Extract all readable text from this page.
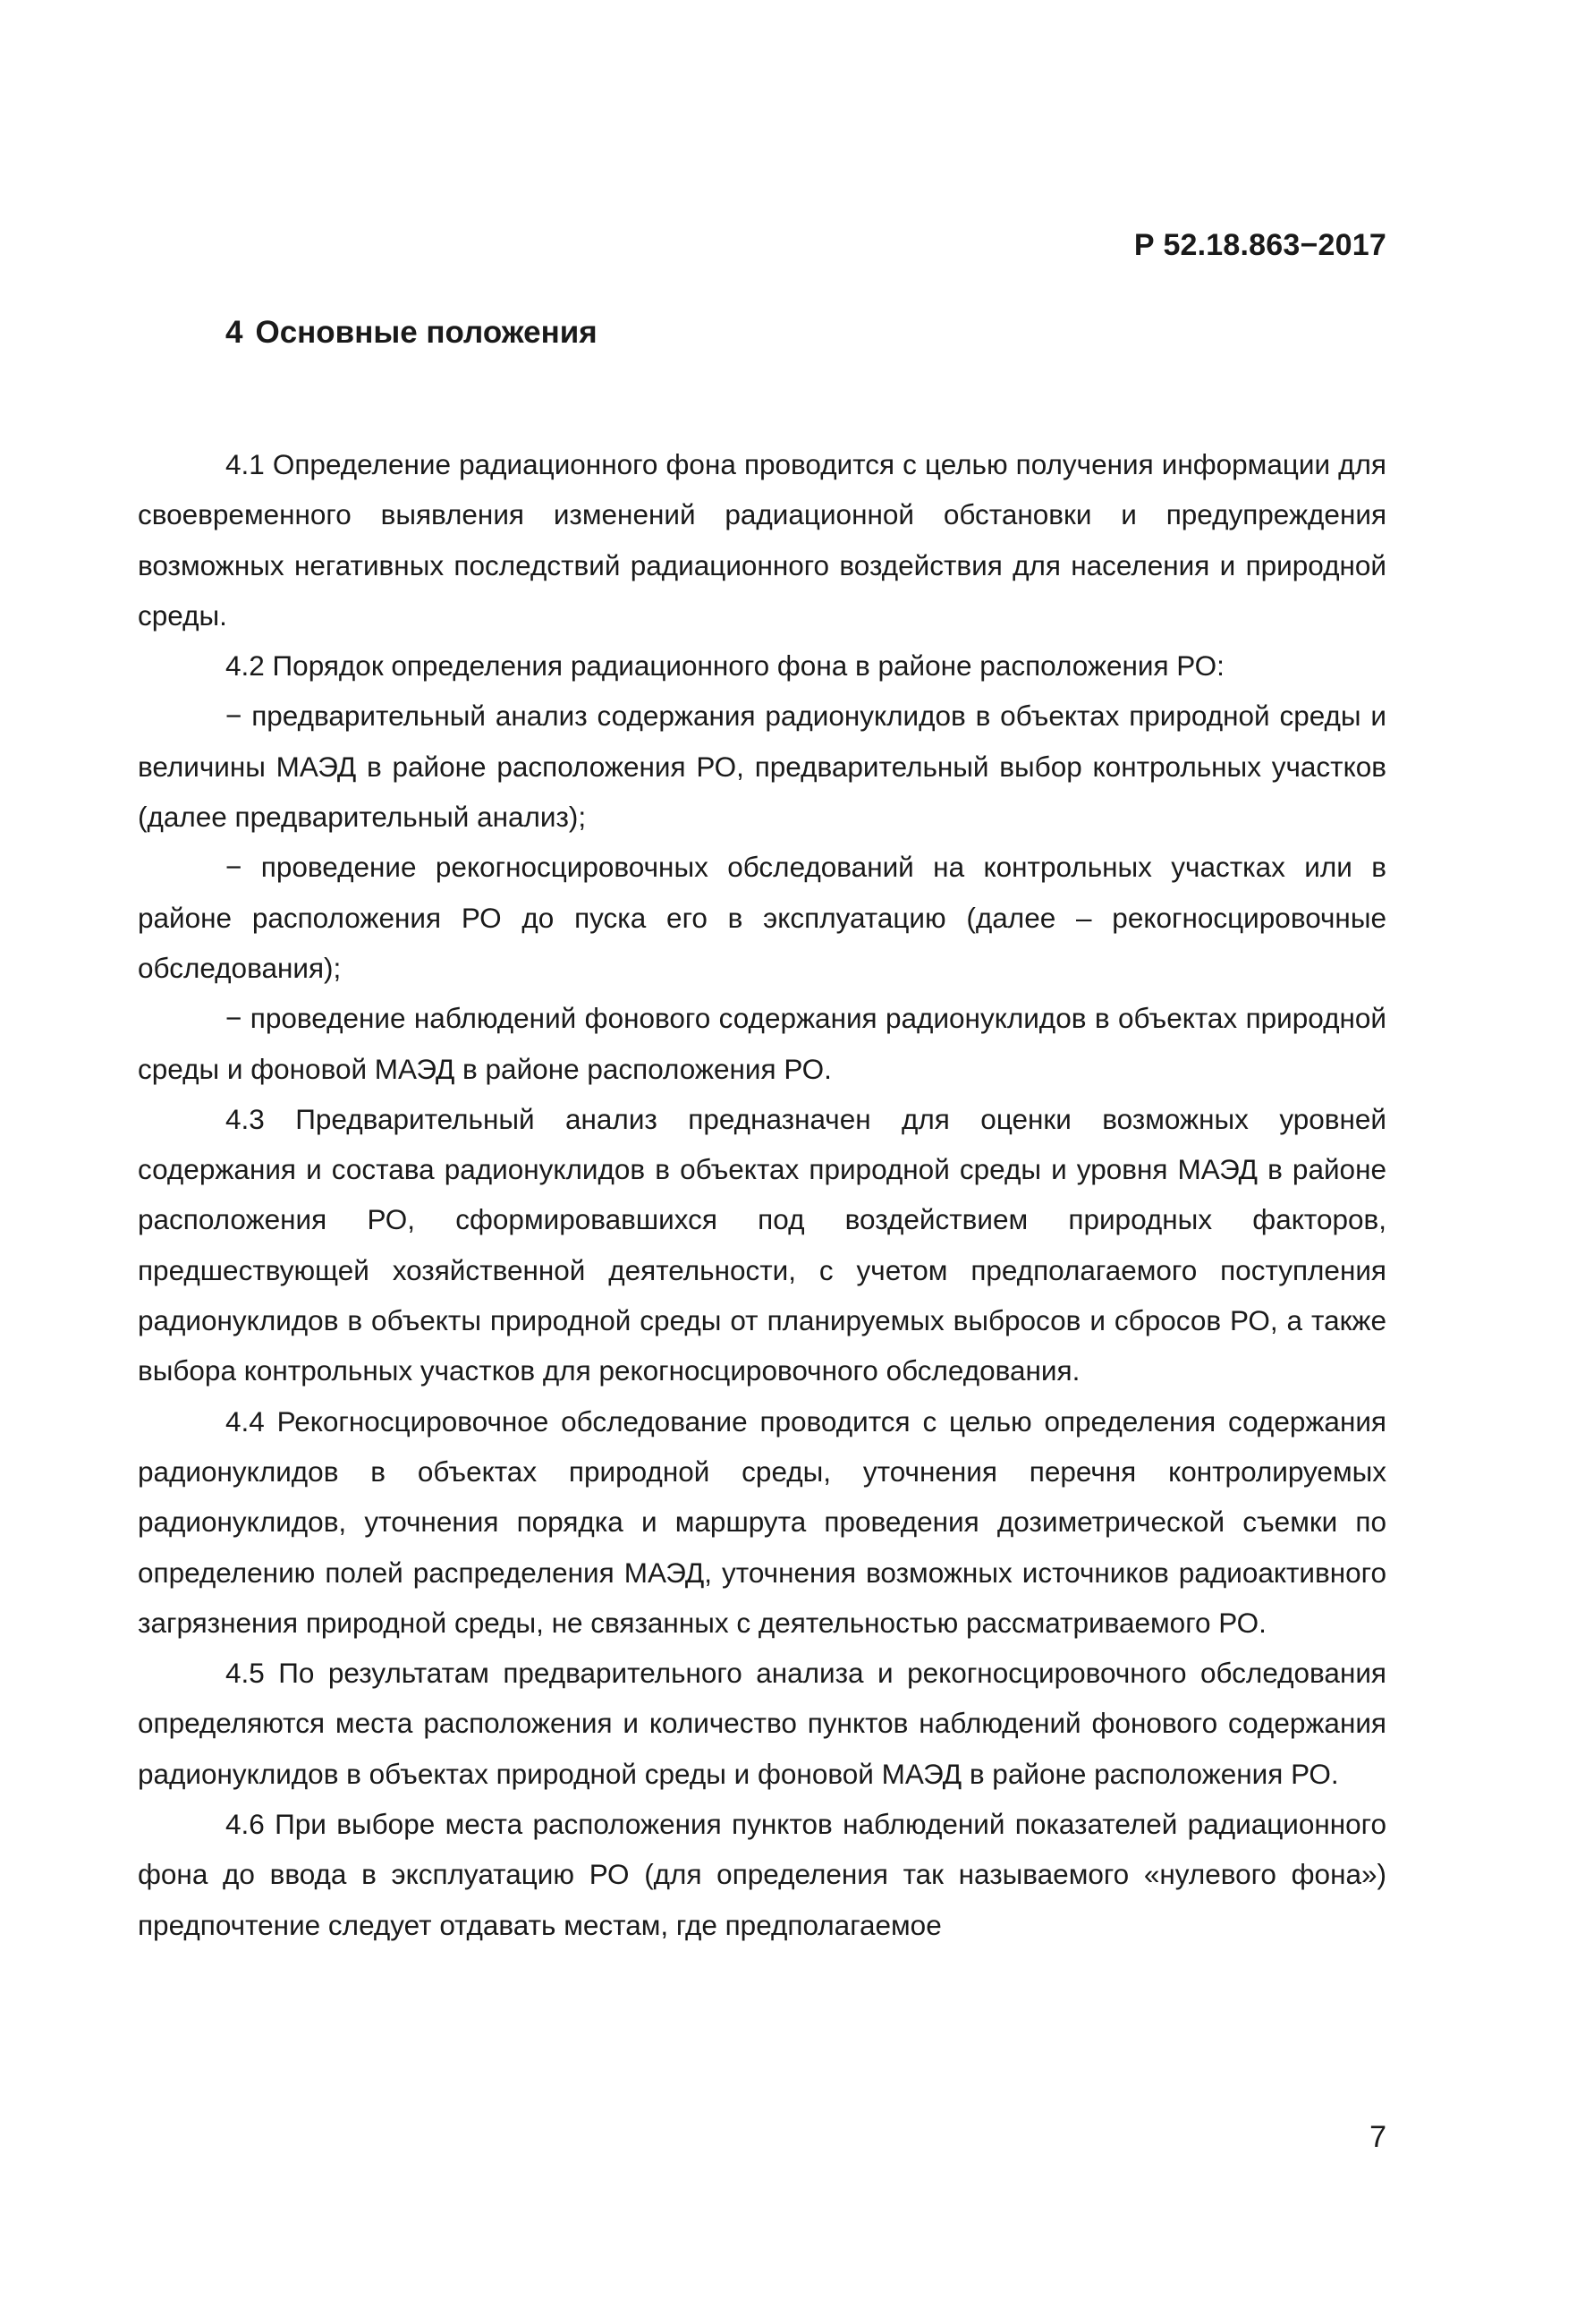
Р 52.18.863−2017
4 Основные положения

4.1 Определение радиационного фона проводится с целью получения информации для своевременного выявления изменений радиационной обстановки и предупреждения возможных негативных последствий радиационного воздействия для населения и природной среды.

4.2 Порядок определения радиационного фона в районе расположения РО:

− предварительный анализ содержания радионуклидов в объектах природной среды и величины МАЭД в районе расположения РО, предварительный выбор контрольных участков (далее предварительный анализ);

− проведение рекогносцировочных обследований на контрольных участках или в районе расположения РО до пуска его в эксплуатацию (далее – рекогносцировочные обследования);

− проведение наблюдений фонового содержания радионуклидов в объектах природной среды и фоновой МАЭД в районе расположения РО.

4.3 Предварительный анализ предназначен для оценки возможных уровней содержания и состава радионуклидов в объектах природной среды и уровня МАЭД в районе расположения РО, сформировавшихся под воздействием природных факторов, предшествующей хозяйственной деятельности, с учетом предполагаемого поступления радионуклидов в объекты природной среды от планируемых выбросов и сбросов РО, а также выбора контрольных участков для рекогносцировочного обследования.

4.4 Рекогносцировочное обследование проводится с целью определения содержания радионуклидов в объектах природной среды, уточнения перечня контролируемых радионуклидов, уточнения порядка и маршрута проведения дозиметрической съемки по определению полей распределения МАЭД, уточнения возможных источников радиоактивного загрязнения природной среды, не связанных с деятельностью рассматриваемого РО.

4.5 По результатам предварительного анализа и рекогносцировочного обследования определяются места расположения и количество пунктов наблюдений фонового содержания радионуклидов в объектах природной среды и фоновой МАЭД в районе расположения РО.

4.6 При выборе места расположения пунктов наблюдений показателей радиационного фона до ввода в эксплуатацию РО (для определения так называемого «нулевого фона») предпочтение следует отдавать местам, где предполагаемое

7
